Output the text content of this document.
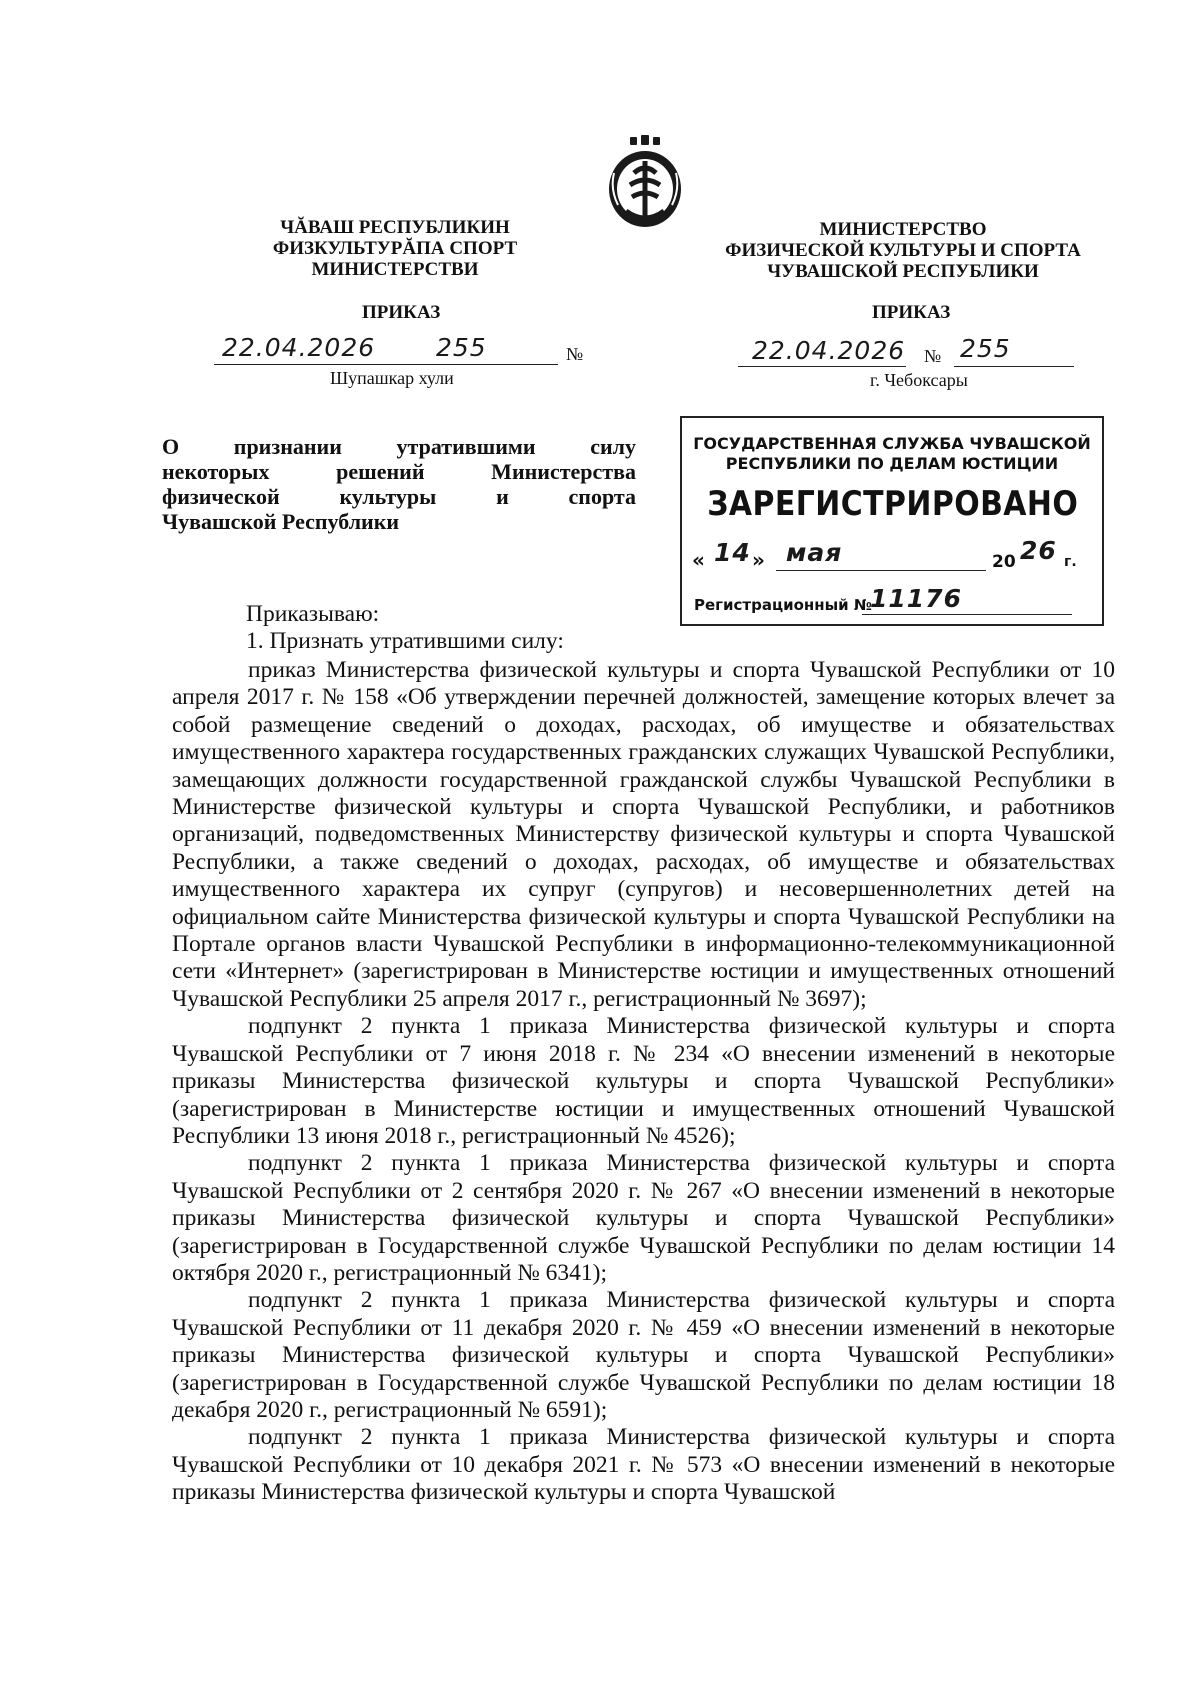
ЧĂВАШ РЕСПУБЛИКИН
ФИЗКУЛЬТУРĂПА СПОРТ
МИНИСТЕРСТВИ
МИНИСТЕРСТВО
ФИЗИЧЕСКОЙ КУЛЬТУРЫ И СПОРТА
ЧУВАШСКОЙ РЕСПУБЛИКИ
ПРИКАЗ	ПРИКАЗ
22.04.2026 255	№
Шупашкар хули
22.04.2026 № 255
г. Чебоксары
О признании утратившими силу
некоторых решений Министерства
физической культуры и спорта
Чувашской Республики
ГОСУДАРСТВЕННАЯ СЛУЖБА ЧУВАШСКОЙ
РЕСПУБЛИКИ ПО ДЕЛАМ ЮСТИЦИИ
ЗАРЕГИСТРИРОВАНО
« 14 » мая	20 26 г.
Регистрационный №
11176
Приказываю:
1. Признать утратившими силу:

приказ Министерства физической культуры и спорта Чувашской Республики от 10 апреля 2017 г. № 158 «Об утверждении перечней должностей, замещение которых влечет за собой размещение сведений о доходах, расходах, об имуществе и обязательствах имущественного характера государственных гражданских служащих Чувашской Республики, замещающих должности государственной гражданской службы Чувашской Республики в Министерстве физической культуры и спорта Чувашской Республики, и работников организаций, подведомственных Министерству физической культуры и спорта Чувашской Республики, а также сведений о доходах, расходах, об имуществе и обязательствах имущественного характера их супруг (супругов) и несовершеннолетних детей на официальном сайте Министерства физической культуры и спорта Чувашской Республики на Портале органов власти Чувашской Республики в информационно-телекоммуникационной сети «Интернет» (зарегистрирован в Министерстве юстиции и имущественных отношений Чувашской Республики 25 апреля 2017 г., регистрационный № 3697);

подпункт 2 пункта 1 приказа Министерства физической культуры и спорта Чувашской Республики от 7 июня 2018 г. № 234 «О внесении изменений в некоторые приказы Министерства физической культуры и спорта Чувашской Республики» (зарегистрирован в Министерстве юстиции и имущественных отношений Чувашской Республики 13 июня 2018 г., регистрационный № 4526);

подпункт 2 пункта 1 приказа Министерства физической культуры и спорта Чувашской Республики от 2 сентября 2020 г. № 267 «О внесении изменений в некоторые приказы Министерства физической культуры и спорта Чувашской Республики» (зарегистрирован в Государственной службе Чувашской Республики по делам юстиции 14 октября 2020 г., регистрационный № 6341);

подпункт 2 пункта 1 приказа Министерства физической культуры и спорта Чувашской Республики от 11 декабря 2020 г. № 459 «О внесении изменений в некоторые приказы Министерства физической культуры и спорта Чувашской Республики» (зарегистрирован в Государственной службе Чувашской Республики по делам юстиции 18 декабря 2020 г., регистрационный № 6591);

подпункт 2 пункта 1 приказа Министерства физической культуры и спорта Чувашской Республики от 10 декабря 2021 г. № 573 «О внесении изменений в некоторые приказы Министерства физической культуры и спорта Чувашской
